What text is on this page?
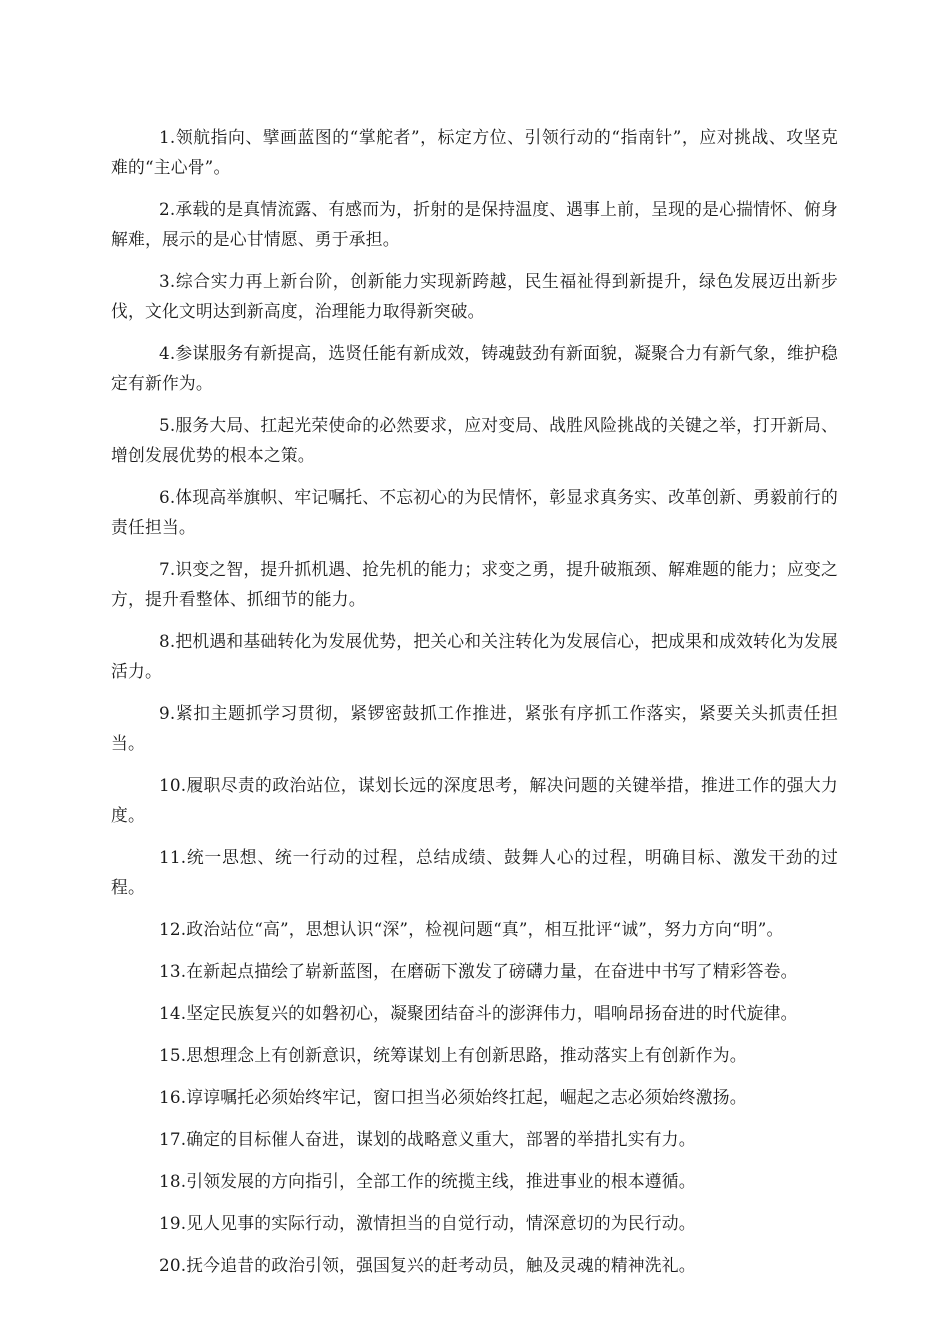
1.领航指向、擘画蓝图的“掌舵者”，标定方位、引领行动的“指南针”，应对挑战、攻坚克难的“主心骨”。

2.承载的是真情流露、有感而为，折射的是保持温度、遇事上前，呈现的是心揣情怀、俯身解难，展示的是心甘情愿、勇于承担。

3.综合实力再上新台阶，创新能力实现新跨越，民生福祉得到新提升，绿色发展迈出新步伐，文化文明达到新高度，治理能力取得新突破。

4.参谋服务有新提高，选贤任能有新成效，铸魂鼓劲有新面貌，凝聚合力有新气象，维护稳定有新作为。

5.服务大局、扛起光荣使命的必然要求，应对变局、战胜风险挑战的关键之举，打开新局、增创发展优势的根本之策。

6.体现高举旗帜、牢记嘱托、不忘初心的为民情怀，彰显求真务实、改革创新、勇毅前行的责任担当。

7.识变之智，提升抓机遇、抢先机的能力；求变之勇，提升破瓶颈、解难题的能力；应变之方，提升看整体、抓细节的能力。

8.把机遇和基础转化为发展优势，把关心和关注转化为发展信心，把成果和成效转化为发展活力。

9.紧扣主题抓学习贯彻，紧锣密鼓抓工作推进，紧张有序抓工作落实，紧要关头抓责任担当。

10.履职尽责的政治站位，谋划长远的深度思考，解决问题的关键举措，推进工作的强大力度。

11.统一思想、统一行动的过程，总结成绩、鼓舞人心的过程，明确目标、激发干劲的过程。

12.政治站位“高”，思想认识“深”，检视问题“真”，相互批评“诚”，努力方向“明”。

13.在新起点描绘了崭新蓝图，在磨砺下激发了磅礴力量，在奋进中书写了精彩答卷。

14.坚定民族复兴的如磐初心，凝聚团结奋斗的澎湃伟力，唱响昂扬奋进的时代旋律。

15.思想理念上有创新意识，统筹谋划上有创新思路，推动落实上有创新作为。

16.谆谆嘱托必须始终牢记，窗口担当必须始终扛起，崛起之志必须始终激扬。

17.确定的目标催人奋进，谋划的战略意义重大，部署的举措扎实有力。

18.引领发展的方向指引，全部工作的统揽主线，推进事业的根本遵循。

19.见人见事的实际行动，激情担当的自觉行动，情深意切的为民行动。

20.抚今追昔的政治引领，强国复兴的赶考动员，触及灵魂的精神洗礼。
